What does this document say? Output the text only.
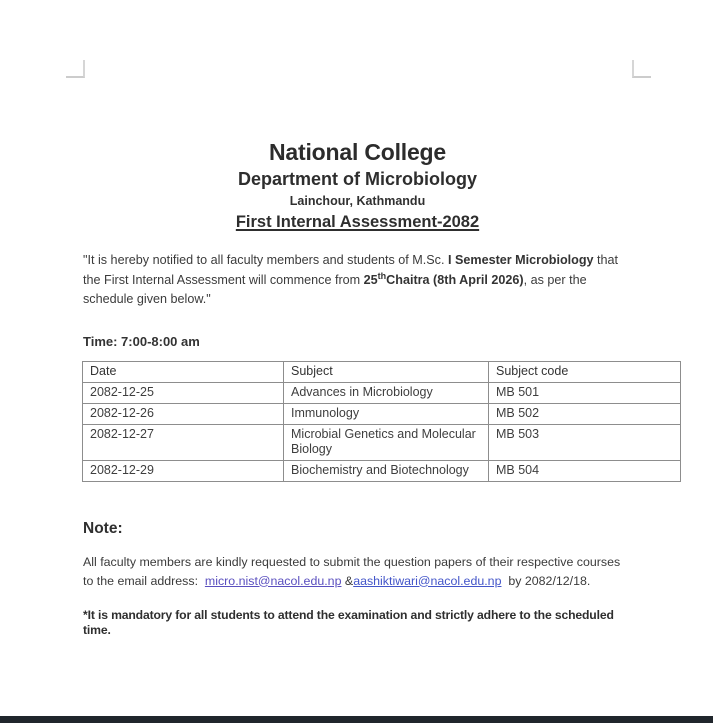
National College
Department of Microbiology
Lainchour, Kathmandu
First Internal Assessment-2082

"It is hereby notified to all faculty members and students of M.Sc. I Semester Microbiology that the First Internal Assessment will commence from 25thChaitra (8th April 2026), as per the schedule given below."

Time: 7:00-8:00 am

Date	Subject	Subject code
2082-12-25	Advances in Microbiology	MB 501
2082-12-26	Immunology	MB 502
2082-12-27	Microbial Genetics and Molecular Biology	MB 503
2082-12-29	Biochemistry and Biotechnology	MB 504

Note:

All faculty members are kindly requested to submit the question papers of their respective courses to the email address:  micro.nist@nacol.edu.np &aashiktiwari@nacol.edu.np  by 2082/12/18.

*It is mandatory for all students to attend the examination and strictly adhere to the scheduled time.
